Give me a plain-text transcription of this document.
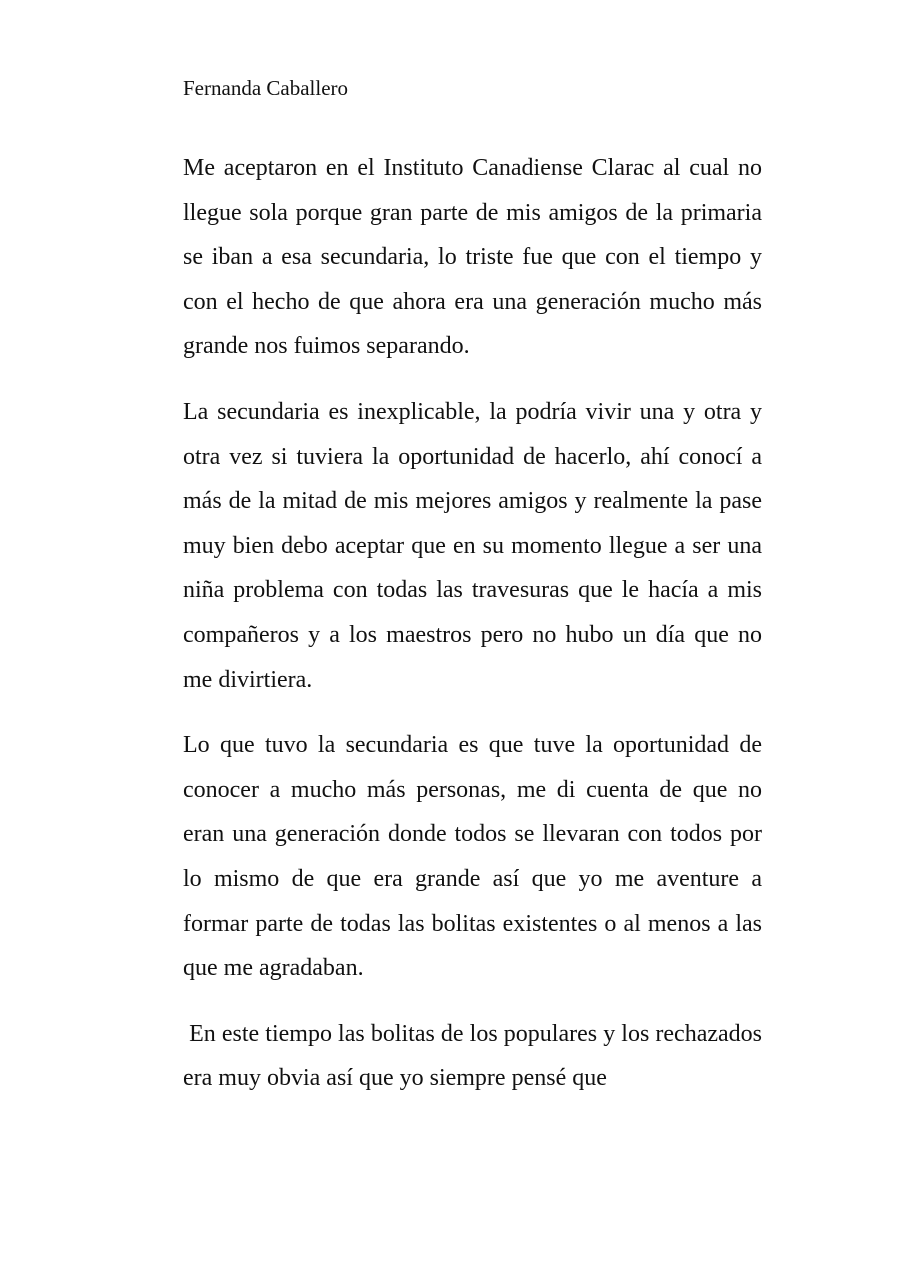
Fernanda Caballero

Me aceptaron en el Instituto Canadiense Clarac al cual no llegue sola porque gran parte de mis amigos de la primaria se iban a esa secundaria, lo triste fue que con el tiempo y con el hecho de que ahora era una generación mucho más grande nos fuimos separando.

La secundaria es inexplicable, la podría vivir una y otra y otra vez si tuviera la oportunidad de hacerlo, ahí conocí a más de la mitad de mis mejores amigos y realmente la pase muy bien debo aceptar que en su momento llegue a ser una niña problema con todas las travesuras que le hacía a mis compañeros y a los maestros pero no hubo un día que no me divirtiera.

Lo que tuvo la secundaria es que tuve la oportunidad de conocer a mucho más personas, me di cuenta de que no eran una generación donde todos se llevaran con todos por lo mismo de que era grande así que yo me aventure a formar parte de todas las bolitas existentes o al menos a las que me agradaban.

En este tiempo las bolitas de los populares y los rechazados era muy obvia así que yo siempre pensé que
